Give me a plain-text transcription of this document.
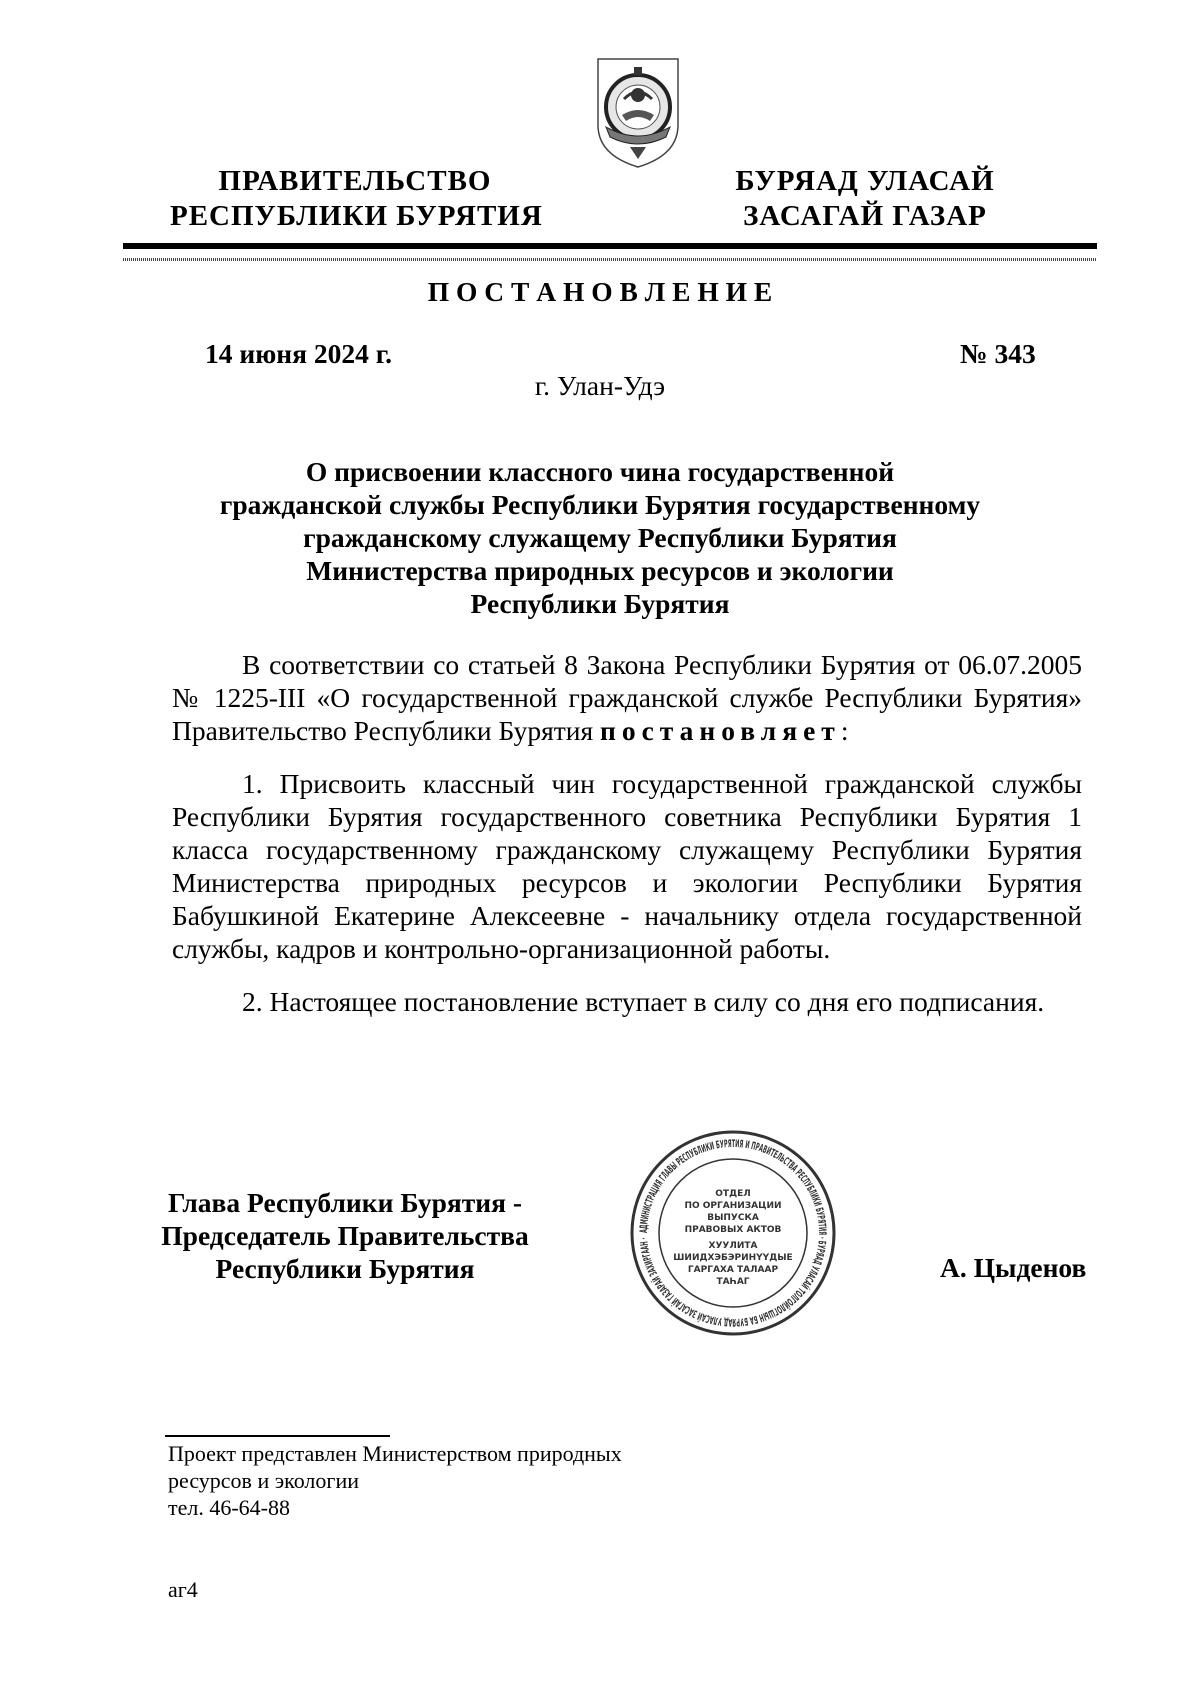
ПРАВИТЕЛЬСТВО
РЕСПУБЛИКИ БУРЯТИЯ
БУРЯАД УЛАСАЙ
ЗАСАГАЙ ГАЗАР
П О С Т А Н О В Л Е Н И Е
14 июня 2024 г.	№ 343
г. Улан-Удэ
О присвоении классного чина государственной
гражданской службы Республики Бурятия государственному
гражданскому служащему Республики Бурятия
Министерства природных ресурсов и экологии
Республики Бурятия

В соответствии со статьей 8 Закона Республики Бурятия от 06.07.2005 № 1225-III «О государственной гражданской службе Республики Бурятия» Правительство Республики Бурятия постановляет:

1. Присвоить классный чин государственной гражданской службы Республики Бурятия государственного советника Республики Бурятия 1 класса государственному гражданскому служащему Республики Бурятия Министерства природных ресурсов и экологии Республики Бурятия Бабушкиной Екатерине Алексеевне - начальнику отдела государственной службы, кадров и контрольно-организационной работы.

2. Настоящее постановление вступает в силу со дня его подписания.

Глава Республики Бурятия -
Председатель Правительства
Республики Бурятия
АДМИНИСТРАЦИЯ ГЛАВЫ РЕСПУБЛИКИ БУРЯТИЯ И ПРАВИТЕЛЬСТВА РЕСПУБЛИКИ БУРЯТИЯ · БУРЯАД УЛАСАЙ ТОЛГОЙЛОГШЫН БА БУРЯАД УЛАСАЙ ЗАСАГАЙ ГАЗАРАЙ ЗАХИРГААН ·
ОТДЕЛ
ПО ОРГАНИЗАЦИИ
ВЫПУСКА
ПРАВОВЫХ АКТОВ
ХУУЛИТА
ШИИДХЭБЭРИНҮҮДЫЕ
ГАРГАХА ТАЛААР
ТАҺАГ	А. Цыденов
Проект представлен Министерством природных
ресурсов и экологии
тел. 46-64-88
аг4
